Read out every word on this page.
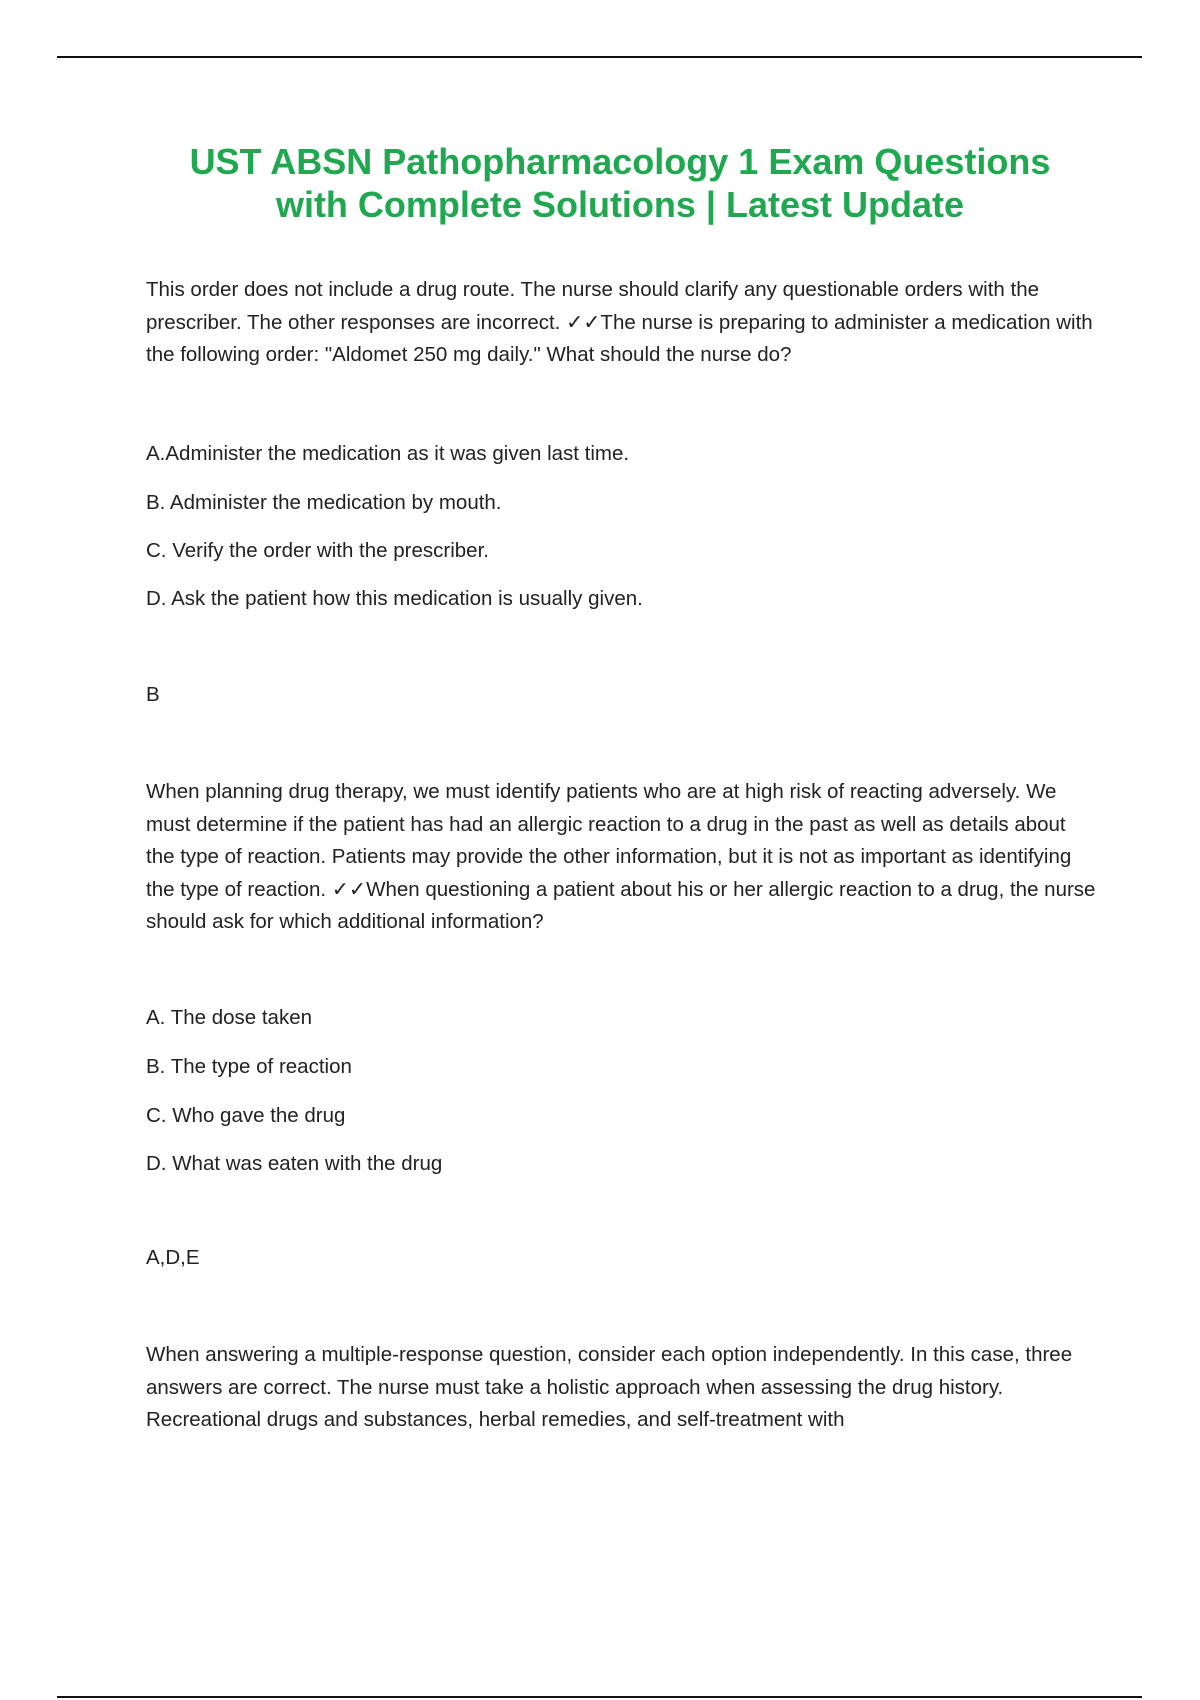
UST ABSN Pathopharmacology 1 Exam Questions
with Complete Solutions | Latest Update

This order does not include a drug route. The nurse should clarify any questionable orders with the prescriber. The other responses are incorrect. ✓✓The nurse is preparing to administer a medication with the following order: "Aldomet 250 mg daily." What should the nurse do?

A.Administer the medication as it was given last time.

B. Administer the medication by mouth.

C. Verify the order with the prescriber.

D. Ask the patient how this medication is usually given.

B

When planning drug therapy, we must identify patients who are at high risk of reacting adversely. We must determine if the patient has had an allergic reaction to a drug in the past as well as details about the type of reaction. Patients may provide the other information, but it is not as important as identifying the type of reaction. ✓✓When questioning a patient about his or her allergic reaction to a drug, the nurse should ask for which additional information?

A. The dose taken

B. The type of reaction

C. Who gave the drug

D. What was eaten with the drug

A,D,E

When answering a multiple-response question, consider each option independently. In this case, three answers are correct. The nurse must take a holistic approach when assessing the drug history. Recreational drugs and substances, herbal remedies, and self-treatment with
